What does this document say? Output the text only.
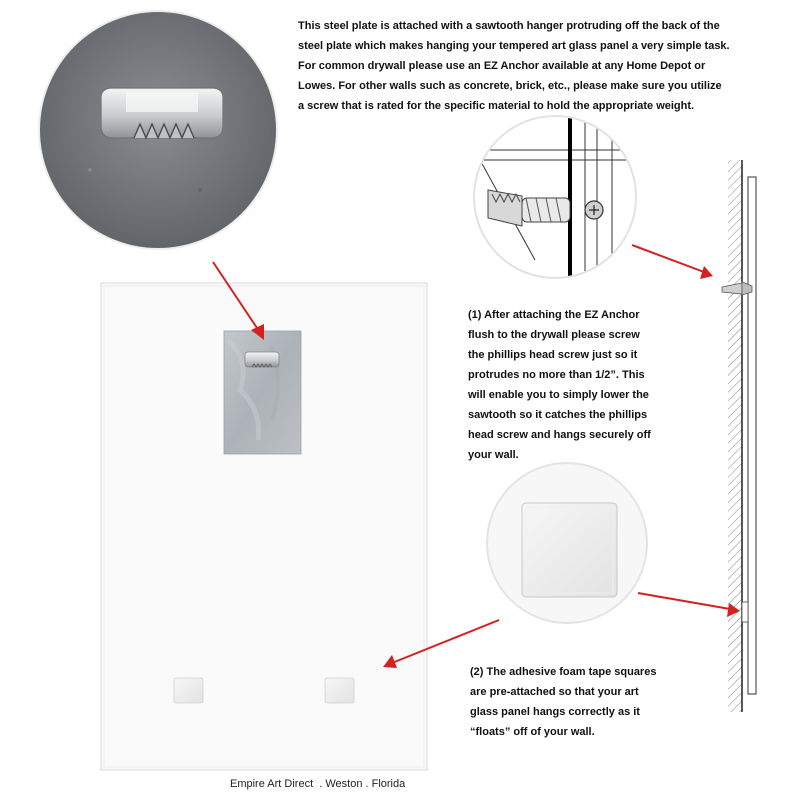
This steel plate is attached with a sawtooth hanger protruding off the back of the
steel plate which makes hanging your tempered art glass panel a very simple task.
For common drywall please use an EZ Anchor available at any Home Depot or
Lowes. For other walls such as concrete, brick, etc., please make sure you utilize
a screw that is rated for the specific material to hold the appropriate weight.
(1) After attaching the EZ Anchor
flush to the drywall please screw
the phillips head screw just so it
protrudes no more than 1/2”. This
will enable you to simply lower the
sawtooth so it catches the phillips
head screw and hangs securely off
your wall.
(2) The adhesive foam tape squares
are pre-attached so that your art
glass panel hangs correctly as it
“floats” off of your wall.
Empire Art Direct  . Weston . Florida
